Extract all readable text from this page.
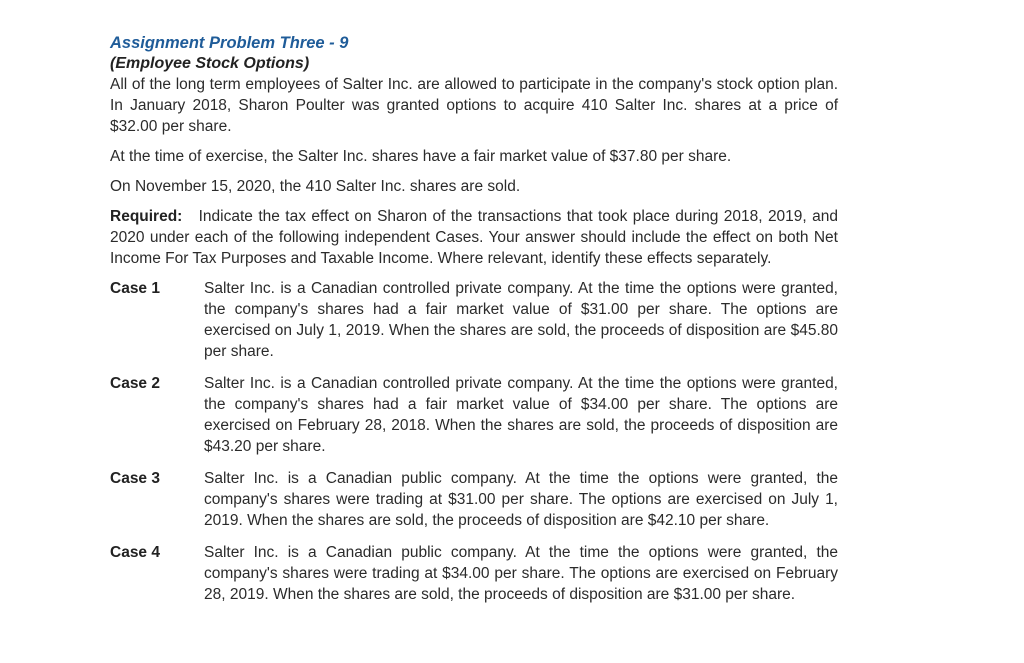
Assignment Problem Three - 9
(Employee Stock Options)

All of the long term employees of Salter Inc. are allowed to participate in the company's stock option plan. In January 2018, Sharon Poulter was granted options to acquire 410 Salter Inc. shares at a price of $32.00 per share.

At the time of exercise, the Salter Inc. shares have a fair market value of $37.80 per share.

On November 15, 2020, the 410 Salter Inc. shares are sold.

Required: Indicate the tax effect on Sharon of the transactions that took place during 2018, 2019, and 2020 under each of the following independent Cases. Your answer should include the effect on both Net Income For Tax Purposes and Taxable Income. Where relevant, identify these effects separately.

Case 1	Salter Inc. is a Canadian controlled private company. At the time the options were granted, the company's shares had a fair market value of $31.00 per share. The options are exercised on July 1, 2019. When the shares are sold, the proceeds of disposition are $45.80 per share.
Case 2	Salter Inc. is a Canadian controlled private company. At the time the options were granted, the company's shares had a fair market value of $34.00 per share. The options are exercised on February 28, 2018. When the shares are sold, the proceeds of disposition are $43.20 per share.
Case 3	Salter Inc. is a Canadian public company. At the time the options were granted, the company's shares were trading at $31.00 per share. The options are exercised on July 1, 2019. When the shares are sold, the proceeds of disposition are $42.10 per share.
Case 4	Salter Inc. is a Canadian public company. At the time the options were granted, the company's shares were trading at $34.00 per share. The options are exercised on February 28, 2019. When the shares are sold, the proceeds of disposition are $31.00 per share.
